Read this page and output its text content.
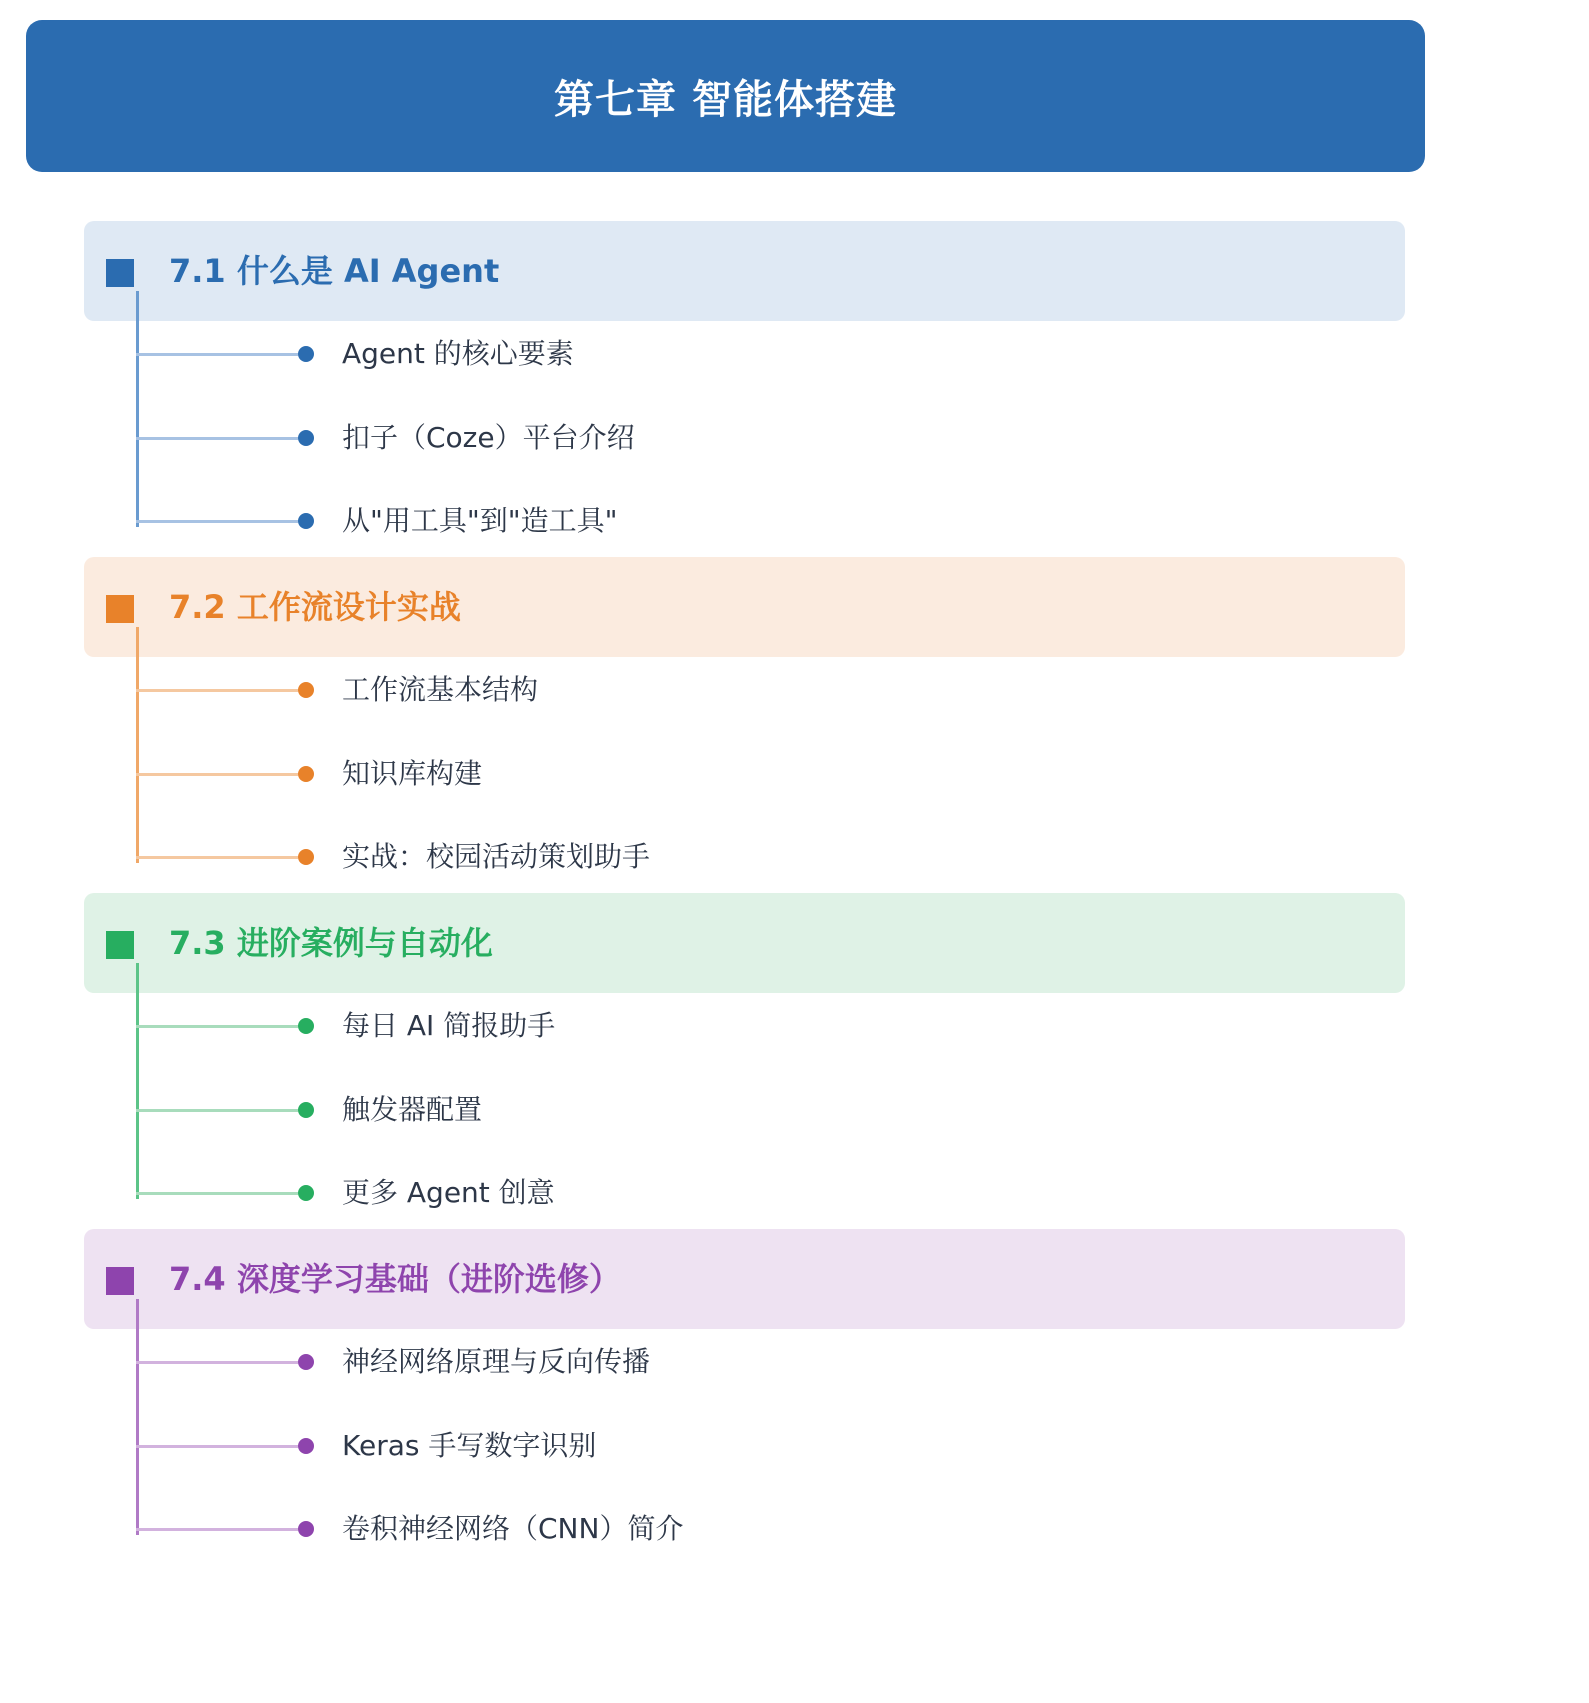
第七章 智能体搭建
7.1 什么是 AI Agent
Agent 的核心要素
扣子（Coze）平台介绍
从"用工具"到"造工具"
7.2 工作流设计实战
工作流基本结构
知识库构建
实战：校园活动策划助手
7.3 进阶案例与自动化
每日 AI 简报助手
触发器配置
更多 Agent 创意
7.4 深度学习基础（进阶选修）
神经网络原理与反向传播
Keras 手写数字识别
卷积神经网络（CNN）简介
